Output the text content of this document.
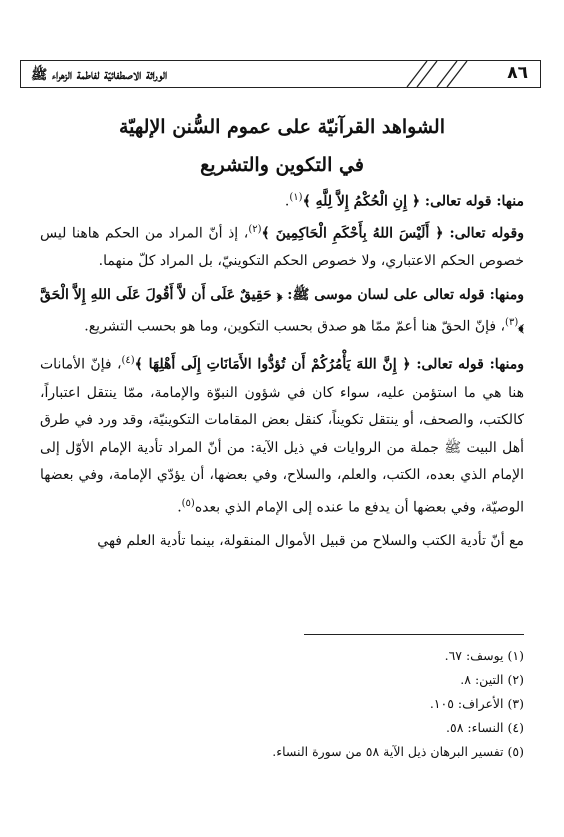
٨٦
الوراثة الاصطفائيّة لفاطمة الزهراء ﷺ

الشواهد القرآنيّة على عموم السُّنن الإلهيّة

في التكوين والتشريع

منها: قوله تعالى: ﴿ إِنِ الْحُكْمُ إِلاَّ لِلَّهِ ﴾$^{(١)}$.

وقوله تعالى: ﴿ أَلَيْسَ اللهُ بِأَحْكَمِ الْحَاكِمِينَ ﴾$^{(٢)}$، إذ أنّ المراد من الحكم هاهنا ليس خصوص الحكم الاعتباري، ولا خصوص الحكم التكوينيّ، بل المراد كلّ منهما.

ومنها: قوله تعالى على لسان موسى ﷺ: ﴿ حَقِيقٌ عَلَى أَن لاَّ أَقُولَ عَلَى اللهِ إِلاَّ الْحَقَّ ﴾$^{(٣)}$، فإنّ الحقّ هنا أعمّ ممّا هو صدق بحسب التكوين، وما هو بحسب التشريع.

ومنها: قوله تعالى: ﴿ إِنَّ اللهَ يَأْمُرُكُمْ أَن تُؤدُّوا الأَمَانَاتِ إِلَى أَهْلِهَا ﴾$^{(٤)}$، فإنّ الأمانات هنا هي ما استؤمن عليه، سواء كان في شؤون النبوّة والإمامة، ممّا ينتقل اعتباراً، كالكتب، والصحف، أو ينتقل تكويناً، كنقل بعض المقامات التكوينيّة، وقد ورد في طرق أهل البيت ﷺ جملة من الروايات في ذيل الآية: من أنّ المراد تأدية الإمام الأوّل إلى الإمام الذي بعده، الكتب، والعلم، والسلاح، وفي بعضها، أن يؤدّي الإمامة، وفي بعضها الوصيّة، وفي بعضها أن يدفع ما عنده إلى الإمام الذي بعده$^{(٥)}$.

مع أنّ تأدية الكتب والسلاح من قبيل الأموال المنقولة، بينما تأدية العلم فهي

(١) يوسف: ٦٧.

(٢) التين: ٨.

(٣) الأعراف: ١٠٥.

(٤) النساء: ٥٨.

(٥) تفسير البرهان ذيل الآية ٥٨ من سورة النساء.
